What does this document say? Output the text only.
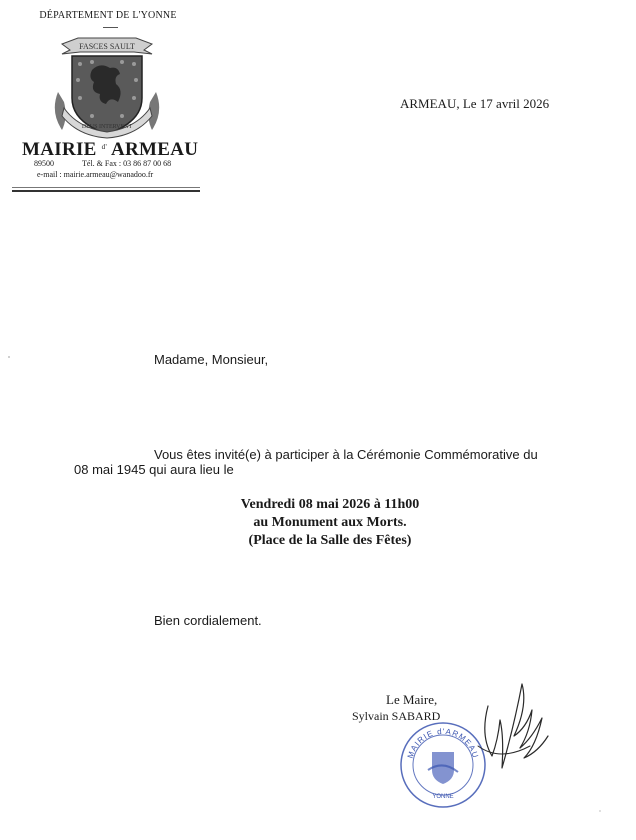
DÉPARTEMENT DE L'YONNE
FASCES SAULT
DEUS INTERVENT
MAIRIE $^{d'}$ ARMEAU
89500	Tél. & Fax : 03 86 87 00 68
e-mail : mairie.armeau@wanadoo.fr
ARMEAU, Le 17 avril 2026
Madame, Monsieur,
Vous êtes invité(e) à participer à la Cérémonie Commémorative du
08 mai 1945 qui aura lieu le
Vendredi 08 mai 2026 à 11h00
au Monument aux Morts.
(Place de la Salle des Fêtes)
Bien cordialement.
Le Maire,
Sylvain SABARD
MAIRIE d'ARMEAU
YONNE
